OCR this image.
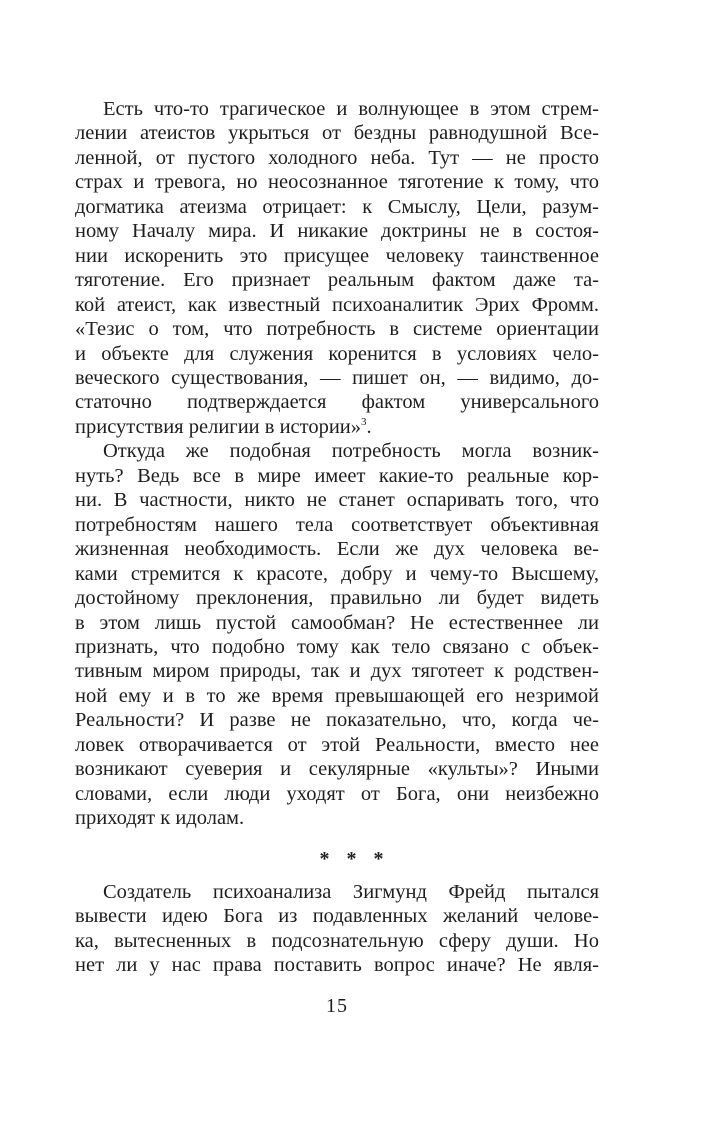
Есть что-то трагическое и волнующее в этом стрем-
лении атеистов укрыться от бездны равнодушной Все-
ленной, от пустого холодного неба. Тут — не просто
страх и тревога, но неосознанное тяготение к тому, что
догматика атеизма отрицает: к Смыслу, Цели, разум-
ному Началу мира. И никакие доктрины не в состоя-
нии искоренить это присущее человеку таинственное
тяготение. Его признает реальным фактом даже та-
кой атеист, как известный психоаналитик Эрих Фромм.
«Тезис о том, что потребность в системе ориентации
и объекте для служения коренится в условиях чело-
веческого существования, — пишет он, — видимо, до-
статочно подтверждается фактом универсального
присутствия религии в истории»$^3$.
Откуда же подобная потребность могла возник-
нуть? Ведь все в мире имеет какие-то реальные кор-
ни. В частности, никто не станет оспаривать того, что
потребностям нашего тела соответствует объективная
жизненная необходимость. Если же дух человека ве-
ками стремится к красоте, добру и чему-то Высшему,
достойному преклонения, правильно ли будет видеть
в этом лишь пустой самообман? Не естественнее ли
признать, что подобно тому как тело связано с объек-
тивным миром природы, так и дух тяготеет к родствен-
ной ему и в то же время превышающей его незримой
Реальности? И разве не показательно, что, когда че-
ловек отворачивается от этой Реальности, вместо нее
возникают суеверия и секулярные «культы»? Иными
словами, если люди уходят от Бога, они неизбежно
приходят к идолам.
* * *
Создатель психоанализа Зигмунд Фрейд пытался
вывести идею Бога из подавленных желаний челове-
ка, вытесненных в подсознательную сферу души. Но
нет ли у нас права поставить вопрос иначе? Не явля-
15
